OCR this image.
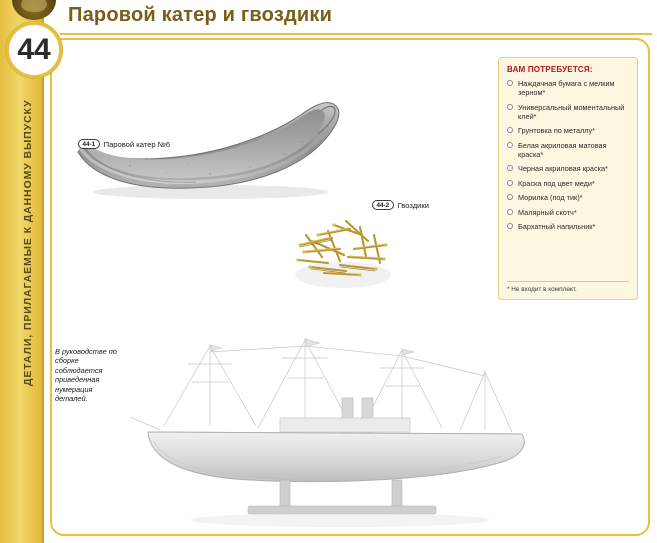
ДЕТАЛИ, ПРИЛАГАЕМЫЕ К ДАННОМУ ВЫПУСКУ
Паровой катер и гвоздики
44
44-1	Паровой катер №6
44-2	Гвоздики
В руководстве по сборке соблюдается приведенная нумерация деталей.
ВАМ ПОТРЕБУЕТСЯ:
Наждачная бумага с мелким зерном*
Универсальный моментальный клей*
Грунтовка по металлу*
Белая акриловая матовая краска*
Черная акриловая краска*
Краска под цвет меди*
Морилка (под тик)*
Малярный скотч*
Бархатный напильник*
* Не входит в комплект.
